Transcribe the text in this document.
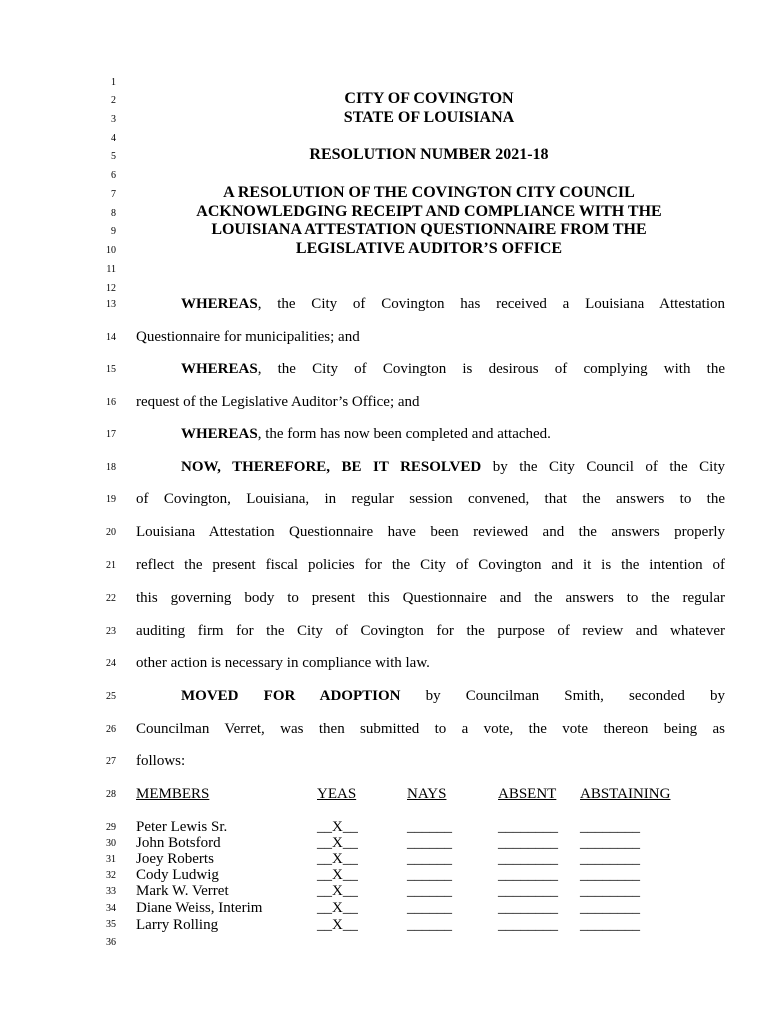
1
2
3
4
5
6
7
8
9
10
11
12
13
14
15
16
17
18
19
20
21
22
23
24
25
26
27
28
29
30
31
32
33
34
35
36
CITY OF COVINGTON
STATE OF LOUISIANA
RESOLUTION NUMBER 2021-18
A RESOLUTION OF THE COVINGTON CITY COUNCIL
ACKNOWLEDGING RECEIPT AND COMPLIANCE WITH THE
LOUISIANA ATTESTATION QUESTIONNAIRE FROM THE
LEGISLATIVE AUDITOR’S OFFICE
WHEREAS, the City of Covington has received a Louisiana Attestation
Questionnaire for municipalities; and
WHEREAS, the City of Covington is desirous of complying with the
request of the Legislative Auditor’s Office; and
WHEREAS, the form has now been completed and attached.
NOW, THEREFORE, BE IT RESOLVED by the City Council of the City
of Covington, Louisiana, in regular session convened, that the answers to the
Louisiana Attestation Questionnaire have been reviewed and the answers properly
reflect the present fiscal policies for the City of Covington and it is the intention of
this governing body to present this Questionnaire and the answers to the regular
auditing firm for the City of Covington for the purpose of review and whatever
other action is necessary in compliance with law.
MOVED FOR ADOPTION by Councilman Smith, seconded by
Councilman Verret, was then submitted to a vote, the vote thereon being as
follows:
MEMBERS	YEAS	NAYS	ABSENT ABSTAINING
Peter Lewis Sr.	__X__	______	________ ________
John Botsford	__X__	______	________ ________
Joey Roberts	__X__	______	________ ________
Cody Ludwig	__X__	______	________ ________
Mark W. Verret	__X__	______	________ ________
Diane Weiss, Interim	__X__	______	________ ________
Larry Rolling	__X__	______	________ ________
